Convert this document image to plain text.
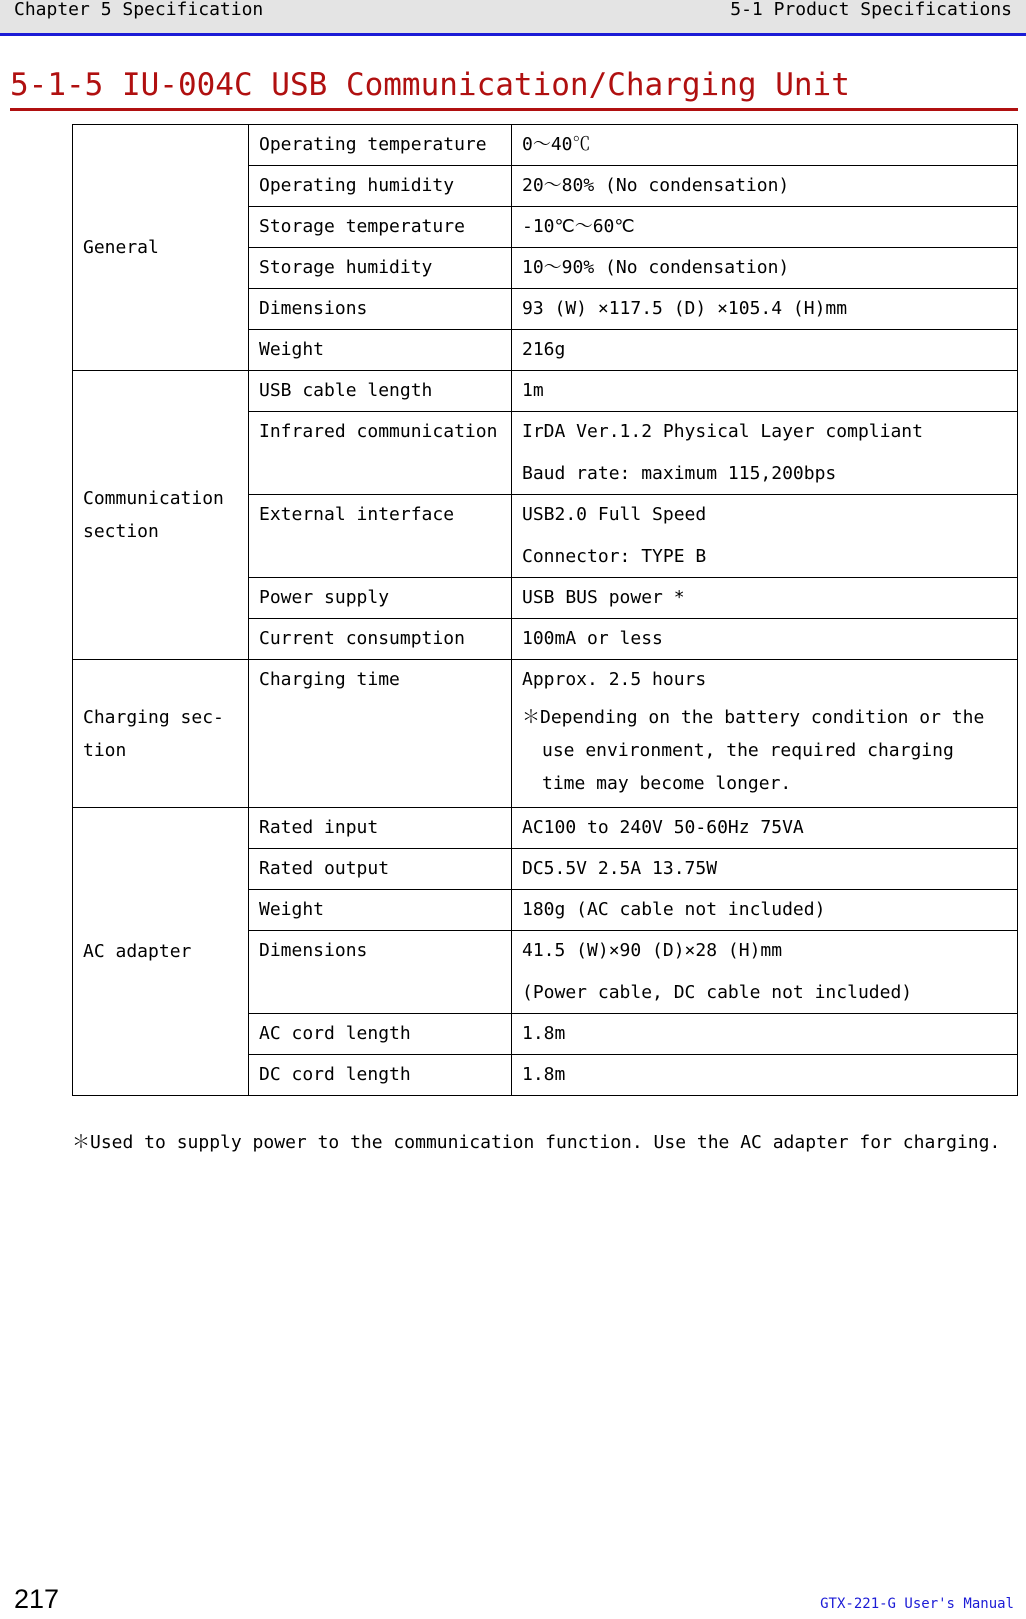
Chapter 5 Specification	5-1 Product Specifications
5-1-5 IU-004C USB Communication/Charging Unit
General	Operating temperature	0～40℃
	Operating humidity	20～80% (No condensation)
	Storage temperature	-10℃～60℃
	Storage humidity	10～90% (No condensation)
	Dimensions	93 (W) ×117.5 (D) ×105.4 (H)mm
	Weight	216g
Communication section	USB cable length	1m
	Infrared communication	IrDA Ver.1.2 Physical Layer compliant
Baud rate: maximum 115,200bps

	External interface	USB2.0 Full Speed
Connector: TYPE B

	Power supply	USB BUS power *
	Current consumption	100mA or less
Charging sec-tion	Charging time	Approx. 2.5 hours
＊Depending on the battery condition or the use environment, the required charging time may become longer.

AC adapter	Rated input	AC100 to 240V 50-60Hz 75VA
	Rated output	DC5.5V 2.5A 13.75W
	Weight	180g (AC cable not included)
	Dimensions	41.5 (W)×90 (D)×28 (H)mm
(Power cable, DC cable not included)

	AC cord length	1.8m
	DC cord length	1.8m
＊Used to supply power to the communication function. Use the AC adapter for charging.
217	GTX-221-G User's Manual
